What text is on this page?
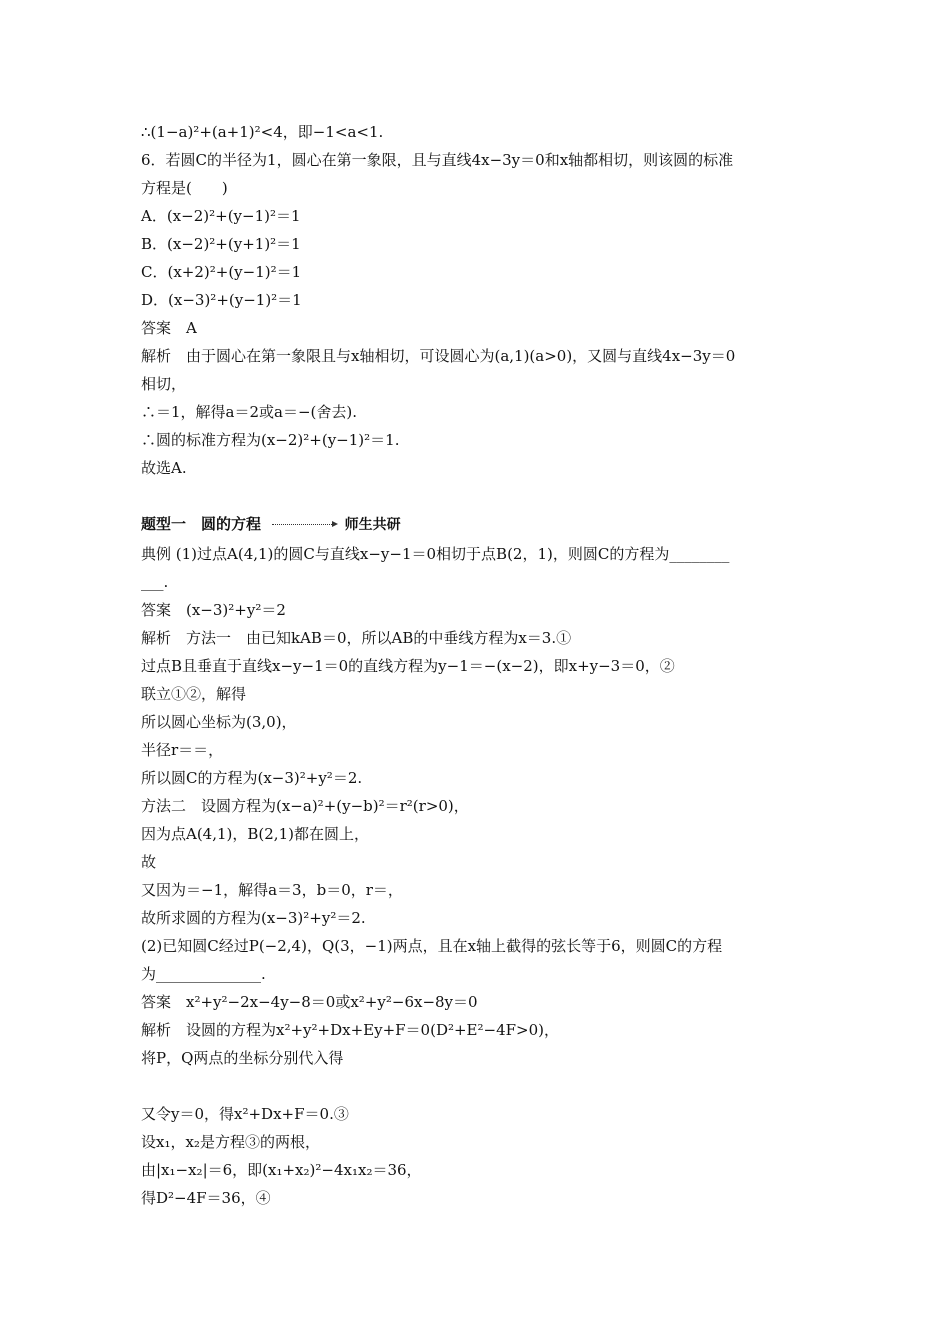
∴(1−a)²+(a+1)²<4，即−1<a<1.
6．若圆C的半径为1，圆心在第一象限，且与直线4x−3y＝0和x轴都相切，则该圆的标准
方程是(　　)
A．(x−2)²+(y−1)²＝1
B．(x−2)²+(y+1)²＝1
C．(x+2)²+(y−1)²＝1
D．(x−3)²+(y−1)²＝1
答案　A
解析　由于圆心在第一象限且与x轴相切，可设圆心为(a,1)(a>0)，又圆与直线4x−3y＝0
相切，
∴＝1，解得a＝2或a＝−(舍去).
∴圆的标准方程为(x−2)²+(y−1)²＝1.
故选A.
题型一　圆的方程	师生共研
典例 (1)过点A(4,1)的圆C与直线x−y−1＝0相切于点B(2，1)，则圆C的方程为________
___.
答案　(x−3)²+y²＝2
解析　方法一　由已知kAB＝0，所以AB的中垂线方程为x＝3.①
过点B且垂直于直线x−y−1＝0的直线方程为y−1＝−(x−2)，即x+y−3＝0，②
联立①②，解得
所以圆心坐标为(3,0)，
半径r＝＝，
所以圆C的方程为(x−3)²+y²＝2.
方法二　设圆方程为(x−a)²+(y−b)²＝r²(r>0)，
因为点A(4,1)，B(2,1)都在圆上，
故
又因为＝−1，解得a＝3，b＝0，r＝，
故所求圆的方程为(x−3)²+y²＝2.
(2)已知圆C经过P(−2,4)，Q(3，−1)两点，且在x轴上截得的弦长等于6，则圆C的方程
为______________.
答案　x²+y²−2x−4y−8＝0或x²+y²−6x−8y＝0
解析　设圆的方程为x²+y²+Dx+Ey+F＝0(D²+E²−4F>0)，
将P，Q两点的坐标分别代入得
又令y＝0，得x²+Dx+F＝0.③
设x₁，x₂是方程③的两根，
由|x₁−x₂|＝6，即(x₁+x₂)²−4x₁x₂＝36，
得D²−4F＝36，④
